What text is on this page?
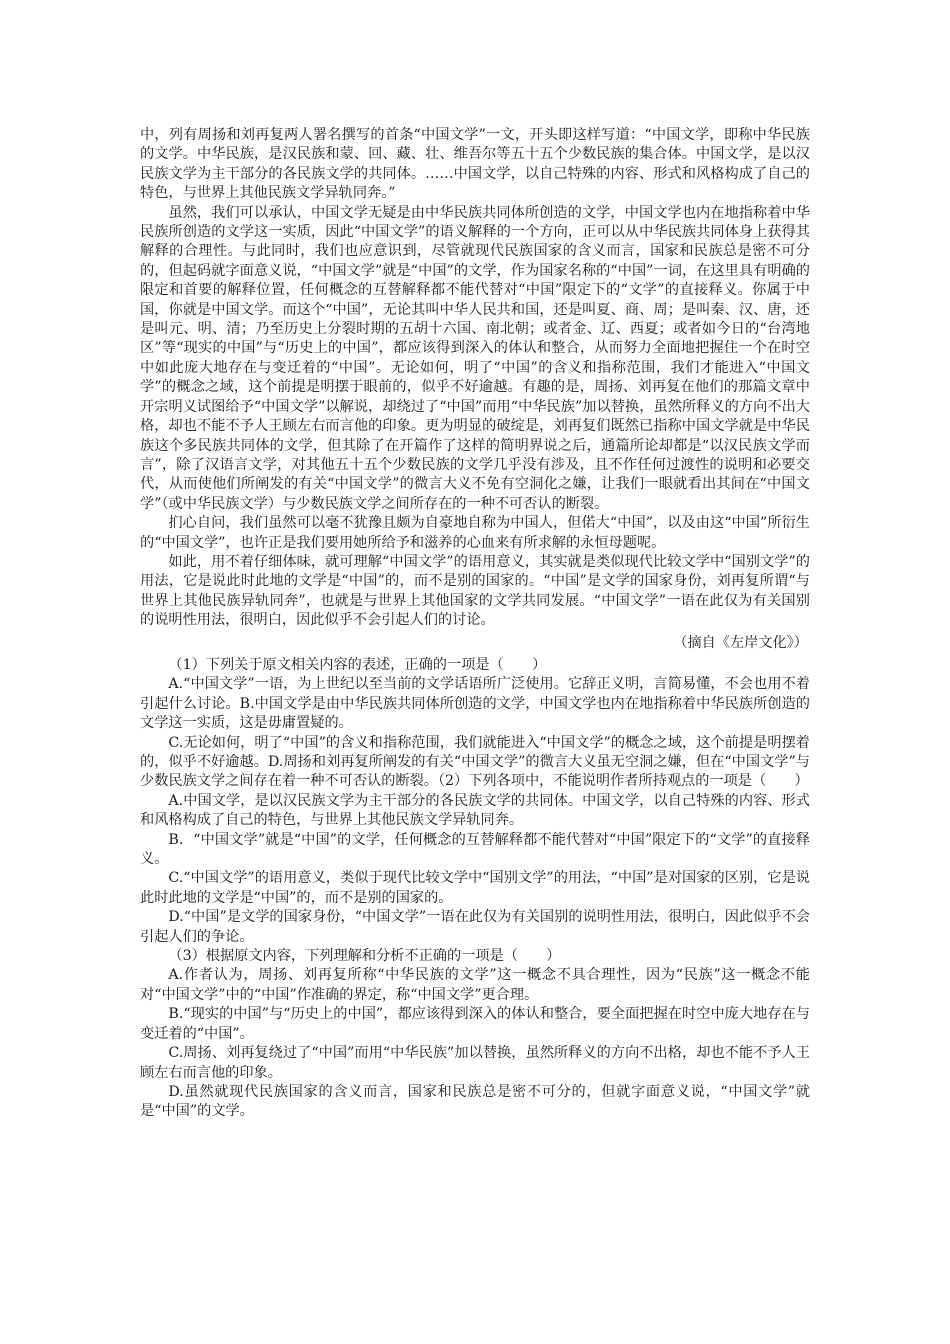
中，列有周扬和刘再复两人署名撰写的首条“中国文学”一文，开头即这样写道：“中国文学，即称中华民族的文学。中华民族，是汉民族和蒙、回、藏、壮、维吾尔等五十五个少数民族的集合体。中国文学，是以汉民族文学为主干部分的各民族文学的共同体。……中国文学，以自己特殊的内容、形式和风格构成了自己的特色，与世界上其他民族文学异轨同奔。”

虽然，我们可以承认，中国文学无疑是由中华民族共同体所创造的文学，中国文学也内在地指称着中华民族所创造的文学这一实质，因此“中国文学”的语义解释的一个方向，正可以从中华民族共同体身上获得其解释的合理性。与此同时，我们也应意识到，尽管就现代民族国家的含义而言，国家和民族总是密不可分的，但起码就字面意义说，“中国文学”就是“中国”的文学，作为国家名称的“中国”一词，在这里具有明确的限定和首要的解释位置，任何概念的互替解释都不能代替对“中国”限定下的“文学”的直接释义。你属于中国，你就是中国文学。而这个“中国”，无论其叫中华人民共和国，还是叫夏、商、周；是叫秦、汉、唐，还是叫元、明、清；乃至历史上分裂时期的五胡十六国、南北朝；或者金、辽、西夏；或者如今日的“台湾地区”等“现实的中国”与“历史上的中国”，都应该得到深入的体认和整合，从而努力全面地把握住一个在时空中如此庞大地存在与变迁着的“中国”。无论如何，明了“中国”的含义和指称范围，我们才能进入“中国文学”的概念之域，这个前提是明摆于眼前的，似乎不好逾越。有趣的是，周扬、刘再复在他们的那篇文章中开宗明义试图给予“中国文学”以解说，却绕过了“中国”而用“中华民族”加以替换，虽然所释义的方向不出大格，却也不能不予人王顾左右而言他的印象。更为明显的破绽是，刘再复们既然已指称中国文学就是中华民族这个多民族共同体的文学，但其除了在开篇作了这样的简明界说之后，通篇所论却都是“以汉民族文学而言”，除了汉语言文学，对其他五十五个少数民族的文学几乎没有涉及，且不作任何过渡性的说明和必要交代，从而使他们所阐发的有关“中国文学”的微言大义不免有空洞化之嫌，让我们一眼就看出其间在“中国文学”（或中华民族文学）与少数民族文学之间所存在的一种不可否认的断裂。

扪心自问，我们虽然可以毫不犹豫且颇为自豪地自称为中国人，但偌大“中国”，以及由这“中国”所衍生的“中国文学”，也许正是我们要用她所给予和滋养的心血来有所求解的永恒母题呢。

如此，用不着仔细体味，就可理解“中国文学”的语用意义，其实就是类似现代比较文学中“国别文学”的用法，它是说此时此地的文学是“中国”的，而不是别的国家的。“中国”是文学的国家身份，刘再复所谓“与世界上其他民族异轨同奔”，也就是与世界上其他国家的文学共同发展。“中国文学”一语在此仅为有关国别的说明性用法，很明白，因此似乎不会引起人们的讨论。

（摘自《左岸文化》）

（1）下列关于原文相关内容的表述，正确的一项是（　　）

A.“中国文学”一语，为上世纪以至当前的文学话语所广泛使用。它辞正义明，言简易懂，不会也用不着引起什么讨论。B.中国文学是由中华民族共同体所创造的文学，中国文学也内在地指称着中华民族所创造的文学这一实质，这是毋庸置疑的。

C.无论如何，明了“中国”的含义和指称范围，我们就能进入“中国文学”的概念之域，这个前提是明摆着的，似乎不好逾越。D.周扬和刘再复所阐发的有关“中国文学”的微言大义虽无空洞之嫌，但在“中国文学”与少数民族文学之间存在着一种不可否认的断裂。（2）下列各项中，不能说明作者所持观点的一项是（　　）

A.中国文学，是以汉民族文学为主干部分的各民族文学的共同体。中国文学，以自己特殊的内容、形式和风格构成了自己的特色，与世界上其他民族文学异轨同奔。

B．“中国文学”就是“中国”的文学，任何概念的互替解释都不能代替对“中国”限定下的“文学”的直接释义。

C.“中国文学”的语用意义，类似于现代比较文学中“国别文学”的用法，“中国”是对国家的区别，它是说此时此地的文学是“中国”的，而不是别的国家的。

D.“中国”是文学的国家身份，“中国文学”一语在此仅为有关国别的说明性用法，很明白，因此似乎不会引起人们的争论。

（3）根据原文内容，下列理解和分析不正确的一项是（　　）

A.作者认为，周扬、刘再复所称“中华民族的文学”这一概念不具合理性，因为“民族”这一概念不能对“中国文学”中的“中国”作准确的界定，称“中国文学”更合理。

B.“现实的中国”与“历史上的中国”，都应该得到深入的体认和整合，要全面把握在时空中庞大地存在与变迁着的“中国”。

C.周扬、刘再复绕过了“中国”而用“中华民族”加以替换，虽然所释义的方向不出格，却也不能不予人王顾左右而言他的印象。

D.虽然就现代民族国家的含义而言，国家和民族总是密不可分的，但就字面意义说，“中国文学”就是“中国”的文学。
